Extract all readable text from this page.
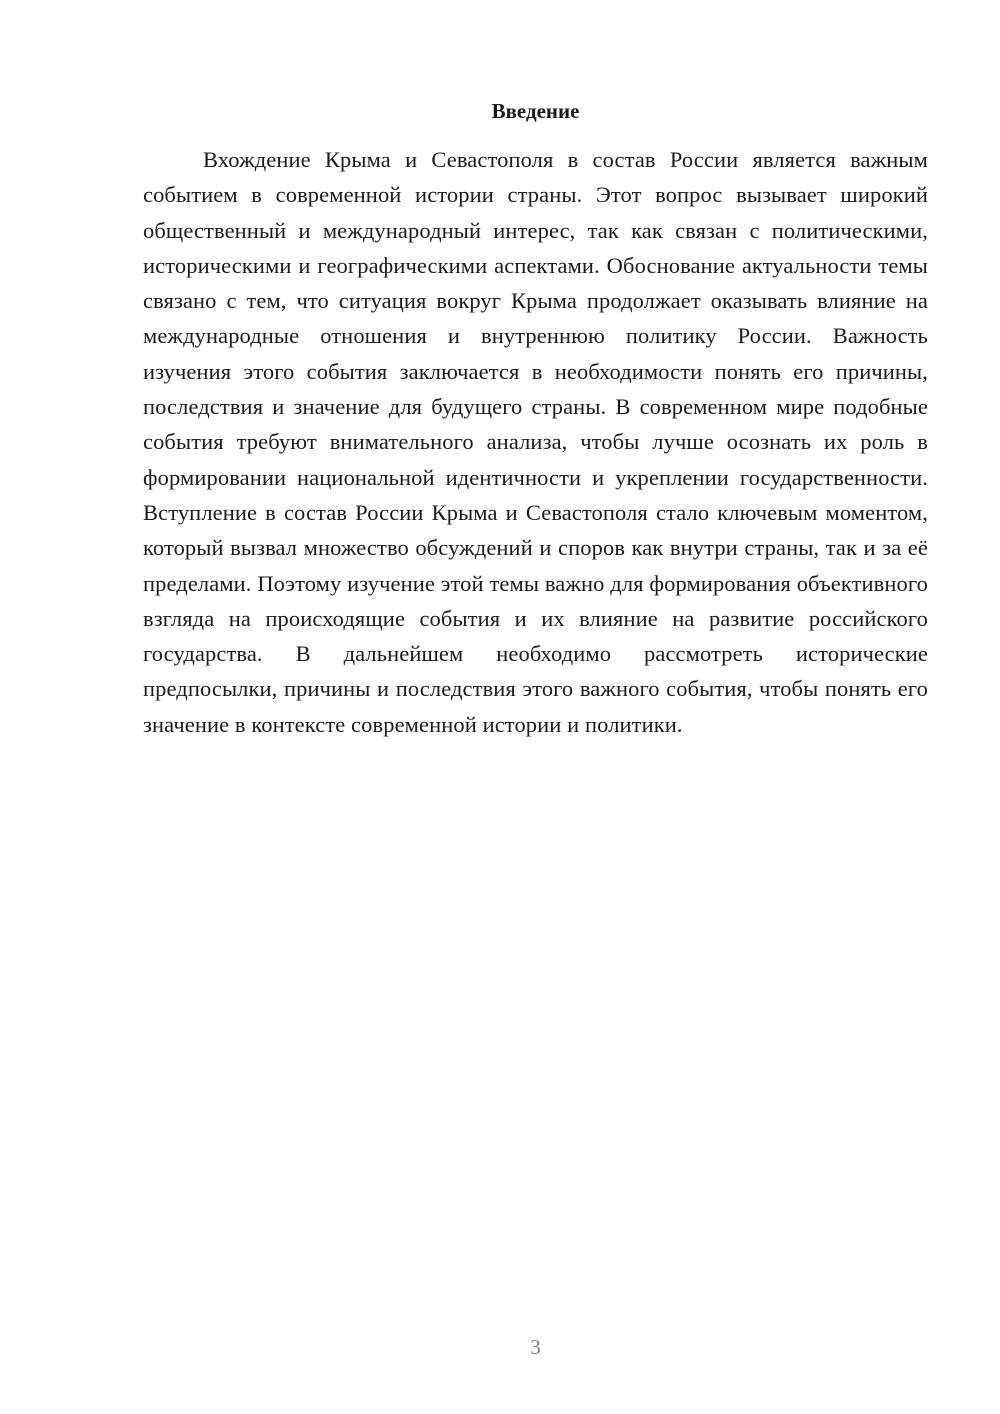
Введение

Вхождение Крыма и Севастополя в состав России является важным событием в современной истории страны. Этот вопрос вызывает широкий общественный и международный интерес, так как связан с политическими, историческими и географическими аспектами. Обоснование актуальности темы связано с тем, что ситуация вокруг Крыма продолжает оказывать влияние на международные отношения и внутреннюю политику России. Важность изучения этого события заключается в необходимости понять его причины, последствия и значение для будущего страны. В современном мире подобные события требуют внимательного анализа, чтобы лучше осознать их роль в формировании национальной идентичности и укреплении государственности. Вступление в состав России Крыма и Севастополя стало ключевым моментом, который вызвал множество обсуждений и споров как внутри страны, так и за её пределами. Поэтому изучение этой темы важно для формирования объективного взгляда на происходящие события и их влияние на развитие российского государства. В дальнейшем необходимо рассмотреть исторические предпосылки, причины и последствия этого важного события, чтобы понять его значение в контексте современной истории и политики.

3
